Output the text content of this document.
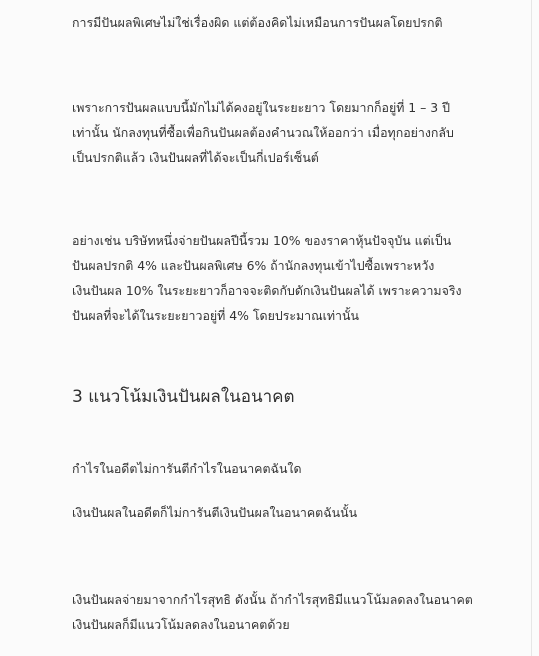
การมีปันผลพิเศษไม่ใช่เรื่องผิด แต่ต้องคิดไม่เหมือนการปันผลโดยปรกติ

เพราะการปันผลแบบนี้มักไม่ได้คงอยู่ในระยะยาว โดยมากก็อยู่ที่ 1 – 3 ปี
เท่านั้น นักลงทุนที่ซื้อเพื่อกินปันผลต้องคำนวณให้ออกว่า เมื่อทุกอย่างกลับ
เป็นปรกติแล้ว เงินปันผลที่ได้จะเป็นกี่เปอร์เซ็นต์

อย่างเช่น บริษัทหนึ่งจ่ายปันผลปีนี้รวม 10% ของราคาหุ้นปัจจุบัน แต่เป็น
ปันผลปรกติ 4% และปันผลพิเศษ 6% ถ้านักลงทุนเข้าไปซื้อเพราะหวัง
เงินปันผล 10% ในระยะยาวก็อาจจะติดกับดักเงินปันผลได้ เพราะความจริง
ปันผลที่จะได้ในระยะยาวอยู่ที่ 4% โดยประมาณเท่านั้น

3 แนวโน้มเงินปันผลในอนาคต

กำไรในอดีตไม่การันตีกำไรในอนาคตฉันใด

เงินปันผลในอดีตก็ไม่การันตีเงินปันผลในอนาคตฉันนั้น

เงินปันผลจ่ายมาจากกำไรสุทธิ ดังนั้น ถ้ากำไรสุทธิมีแนวโน้มลดลงในอนาคต
เงินปันผลก็มีแนวโน้มลดลงในอนาคตด้วย
